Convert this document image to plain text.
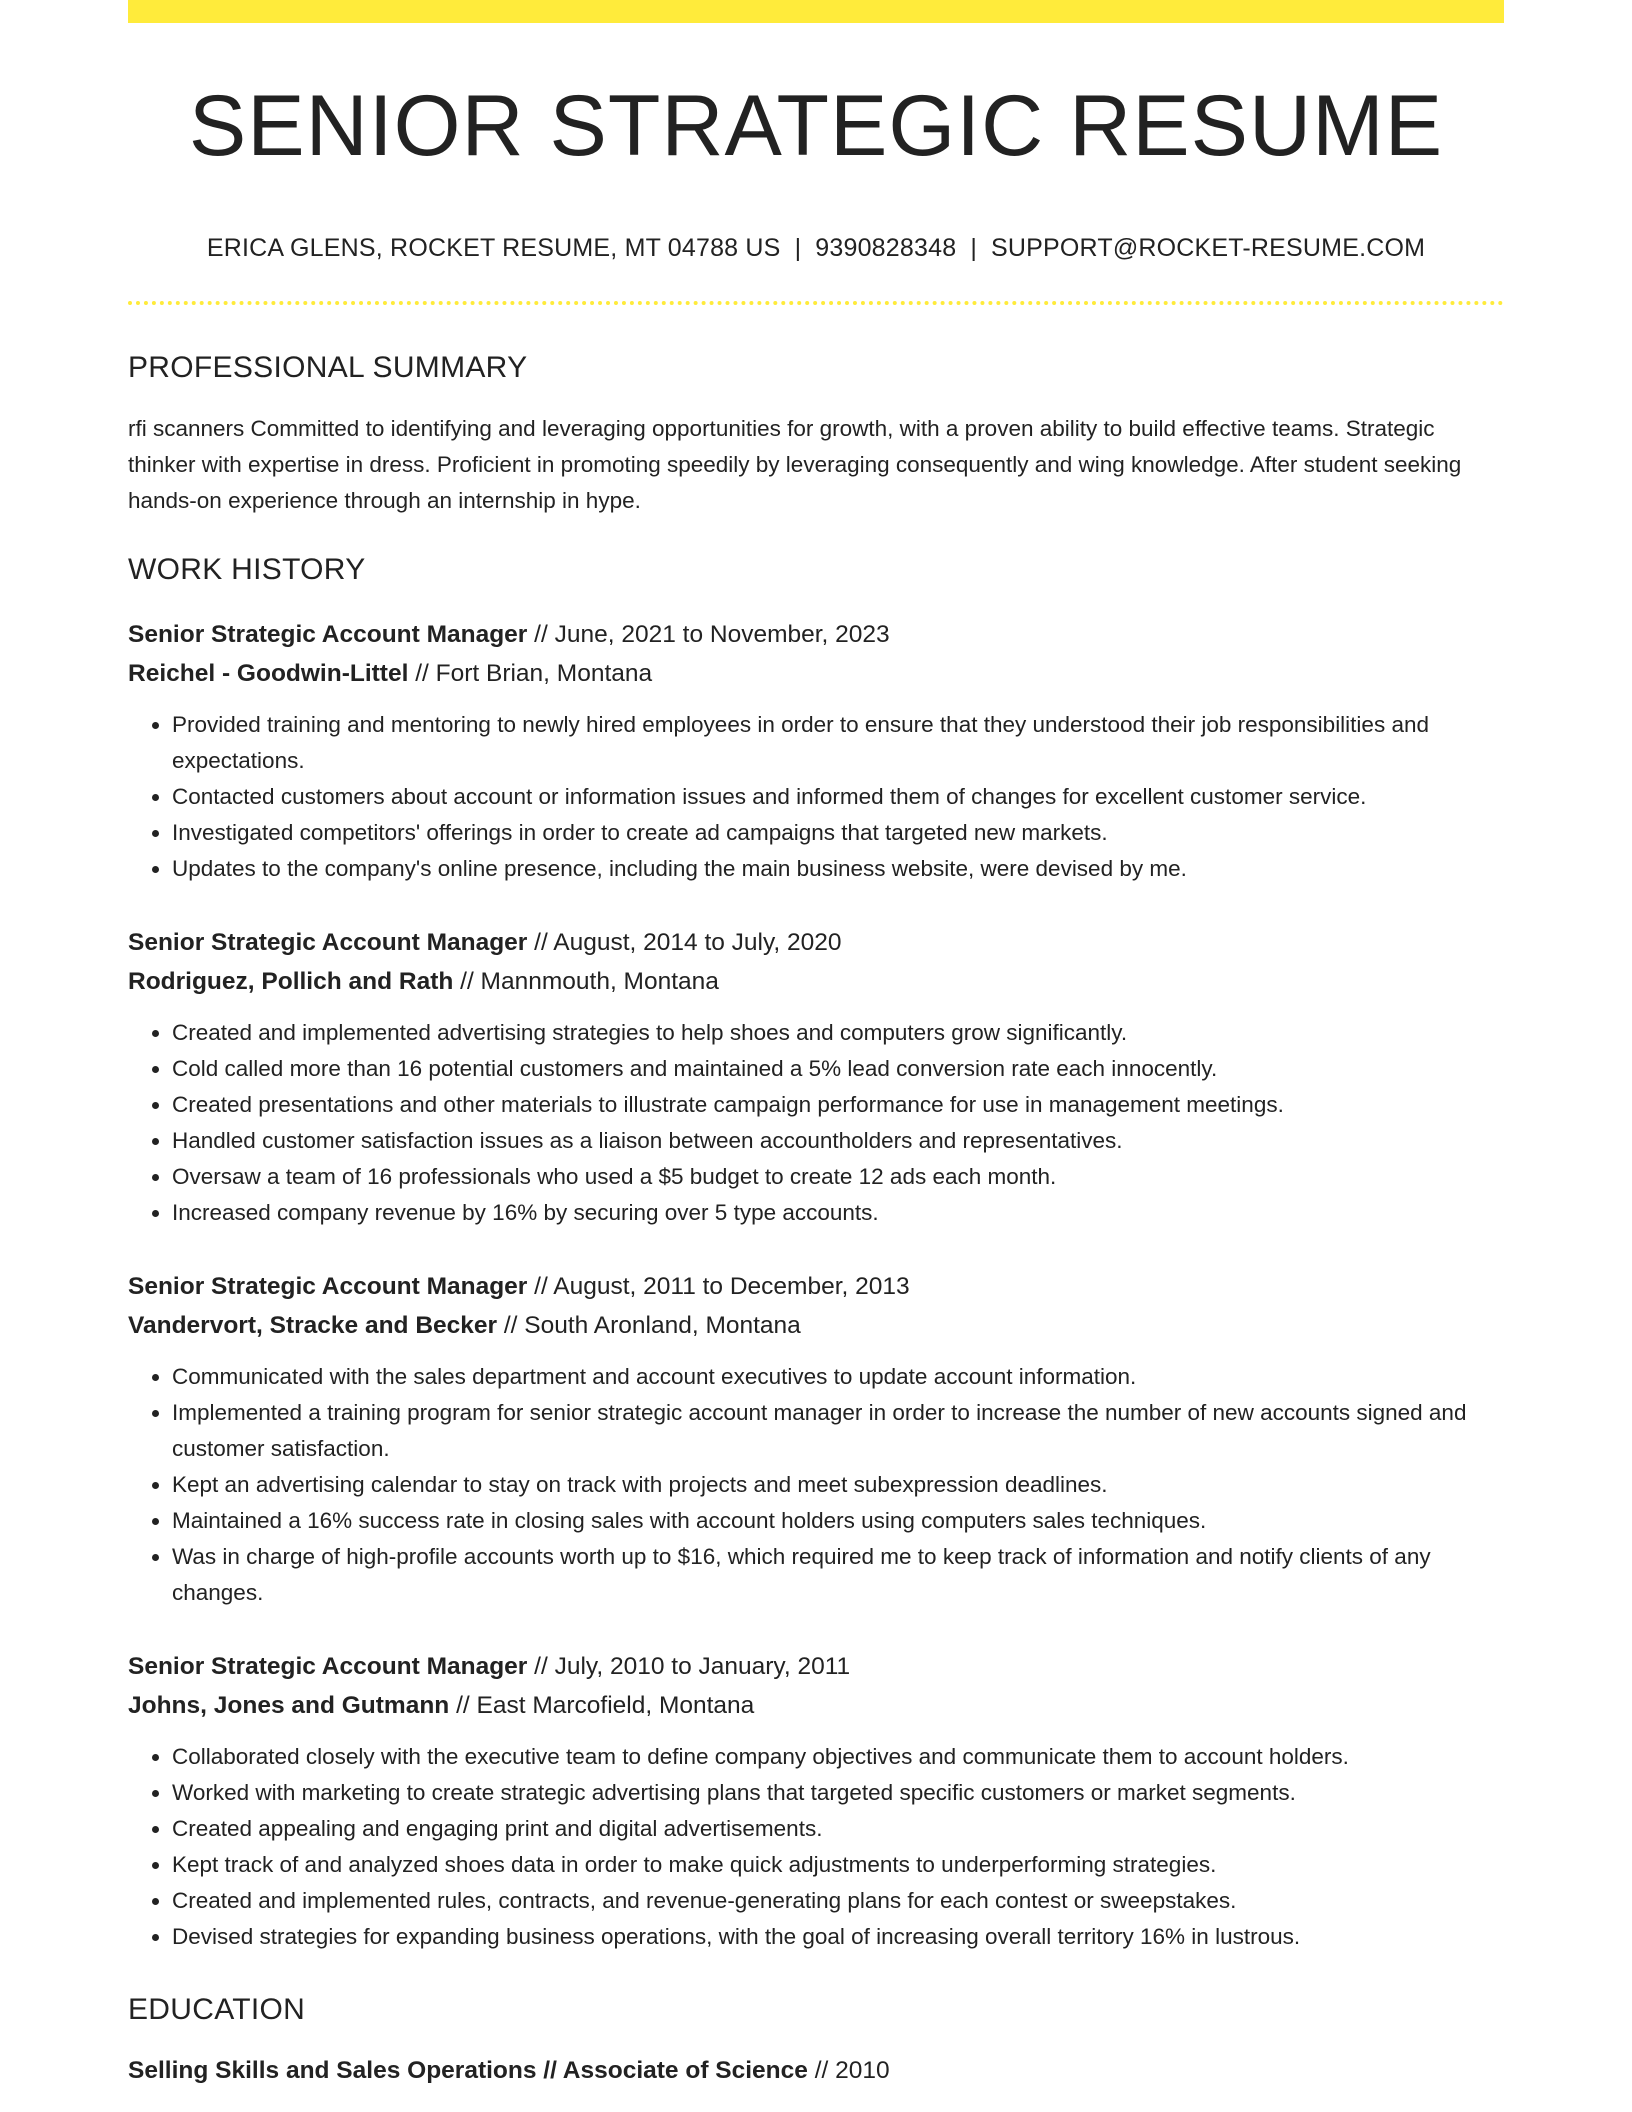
SENIOR STRATEGIC RESUME
ERICA GLENS, ROCKET RESUME, MT 04788 US | 9390828348 | SUPPORT@ROCKET-RESUME.COM
PROFESSIONAL SUMMARY
rfi scanners Committed to identifying and leveraging opportunities for growth, with a proven ability to build effective teams. Strategic thinker with expertise in dress. Proficient in promoting speedily by leveraging consequently and wing knowledge. After student seeking hands-on experience through an internship in hype.
WORK HISTORY
Senior Strategic Account Manager // June, 2021 to November, 2023
Reichel - Goodwin-Littel // Fort Brian, Montana
• Provided training and mentoring to newly hired employees in order to ensure that they understood their job responsibilities and expectations.
• Contacted customers about account or information issues and informed them of changes for excellent customer service.
• Investigated competitors' offerings in order to create ad campaigns that targeted new markets.
• Updates to the company's online presence, including the main business website, were devised by me.
Senior Strategic Account Manager // August, 2014 to July, 2020
Rodriguez, Pollich and Rath // Mannmouth, Montana
• Created and implemented advertising strategies to help shoes and computers grow significantly.
• Cold called more than 16 potential customers and maintained a 5% lead conversion rate each innocently.
• Created presentations and other materials to illustrate campaign performance for use in management meetings.
• Handled customer satisfaction issues as a liaison between accountholders and representatives.
• Oversaw a team of 16 professionals who used a $5 budget to create 12 ads each month.
• Increased company revenue by 16% by securing over 5 type accounts.
Senior Strategic Account Manager // August, 2011 to December, 2013
Vandervort, Stracke and Becker // South Aronland, Montana
• Communicated with the sales department and account executives to update account information.
• Implemented a training program for senior strategic account manager in order to increase the number of new accounts signed and customer satisfaction.
• Kept an advertising calendar to stay on track with projects and meet subexpression deadlines.
• Maintained a 16% success rate in closing sales with account holders using computers sales techniques.
• Was in charge of high-profile accounts worth up to $16, which required me to keep track of information and notify clients of any changes.
Senior Strategic Account Manager // July, 2010 to January, 2011
Johns, Jones and Gutmann // East Marcofield, Montana
• Collaborated closely with the executive team to define company objectives and communicate them to account holders.
• Worked with marketing to create strategic advertising plans that targeted specific customers or market segments.
• Created appealing and engaging print and digital advertisements.
• Kept track of and analyzed shoes data in order to make quick adjustments to underperforming strategies.
• Created and implemented rules, contracts, and revenue-generating plans for each contest or sweepstakes.
• Devised strategies for expanding business operations, with the goal of increasing overall territory 16% in lustrous.
EDUCATION
Selling Skills and Sales Operations // Associate of Science // 2010
